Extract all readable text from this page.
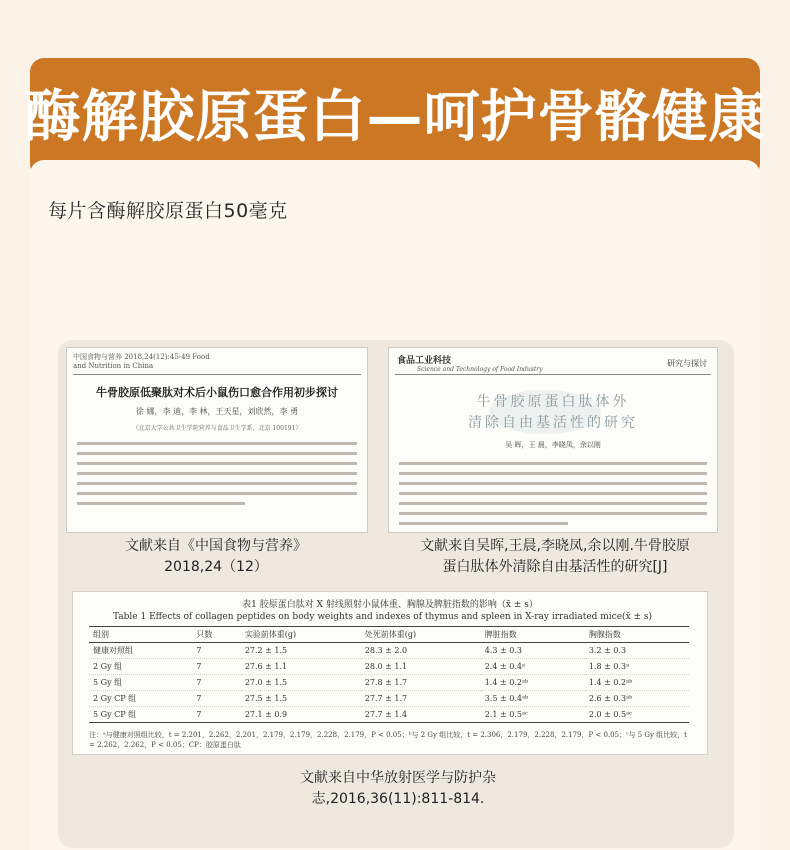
酶解胶原蛋白—呵护骨骼健康
每片含酶解胶原蛋白50毫克
中国食物与营养 2018,24(12):45-49 Food and Nutrition in China
牛骨胶原低聚肽对术后小鼠伤口愈合作用初步探讨
徐 娜，李 迪，李 林，王天星，刘欣然，李 勇
（北京大学公共卫生学院营养与食品卫生学系，北京 100191）
食品工业科技
Science and Technology of Food Industry
研究与探讨
牛骨胶原蛋白肽体外
清除自由基活性的研究
吴 晖，王 晨，李晓凤，余以刚
文献来自《中国食物与营养》
2018,24（12）
文献来自吴晖,王晨,李晓凤,余以刚.牛骨胶原
蛋白肽体外清除自由基活性的研究[J]
表1 胶原蛋白肽对 X 射线照射小鼠体重、胸腺及脾脏指数的影响（x̄ ± s）
Table 1 Effects of collagen peptides on body weights and indexes of thymus and spleen in X-ray irradiated mice(x̄ ± s)
组别	只数	实验前体重(g)	处死前体重(g)	脾脏指数	胸腺指数
健康对照组	7	27.2 ± 1.5	28.3 ± 2.0	4.3 ± 0.3	3.2 ± 0.3
2 Gy 组	7	27.6 ± 1.1	28.0 ± 1.1	2.4 ± 0.4ᵃ	1.8 ± 0.3ᵃ
5 Gy 组	7	27.0 ± 1.5	27.8 ± 1.7	1.4 ± 0.2ᵃᵇ	1.4 ± 0.2ᵃᵇ
2 Gy CP 组	7	27.5 ± 1.5	27.7 ± 1.7	3.5 ± 0.4ᵃᵇ	2.6 ± 0.3ᵃᵇ
5 Gy CP 组	7	27.1 ± 0.9	27.7 ± 1.4	2.1 ± 0.5ᵃᶜ	2.0 ± 0.5ᵃᶜ
注：ᵃ与健康对照组比较，t = 2.201，2.262，2.201，2.179，2.179，2.228，2.179，P < 0.05；ᵇ与 2 Gy 组比较，t = 2.306，2.179，2.228，2.179，P < 0.05；ᶜ与 5 Gy 组比较，t = 2.262，2.262，P < 0.05；CP：胶原蛋白肽
文献来自中华放射医学与防护杂
志,2016,36(11):811-814.
